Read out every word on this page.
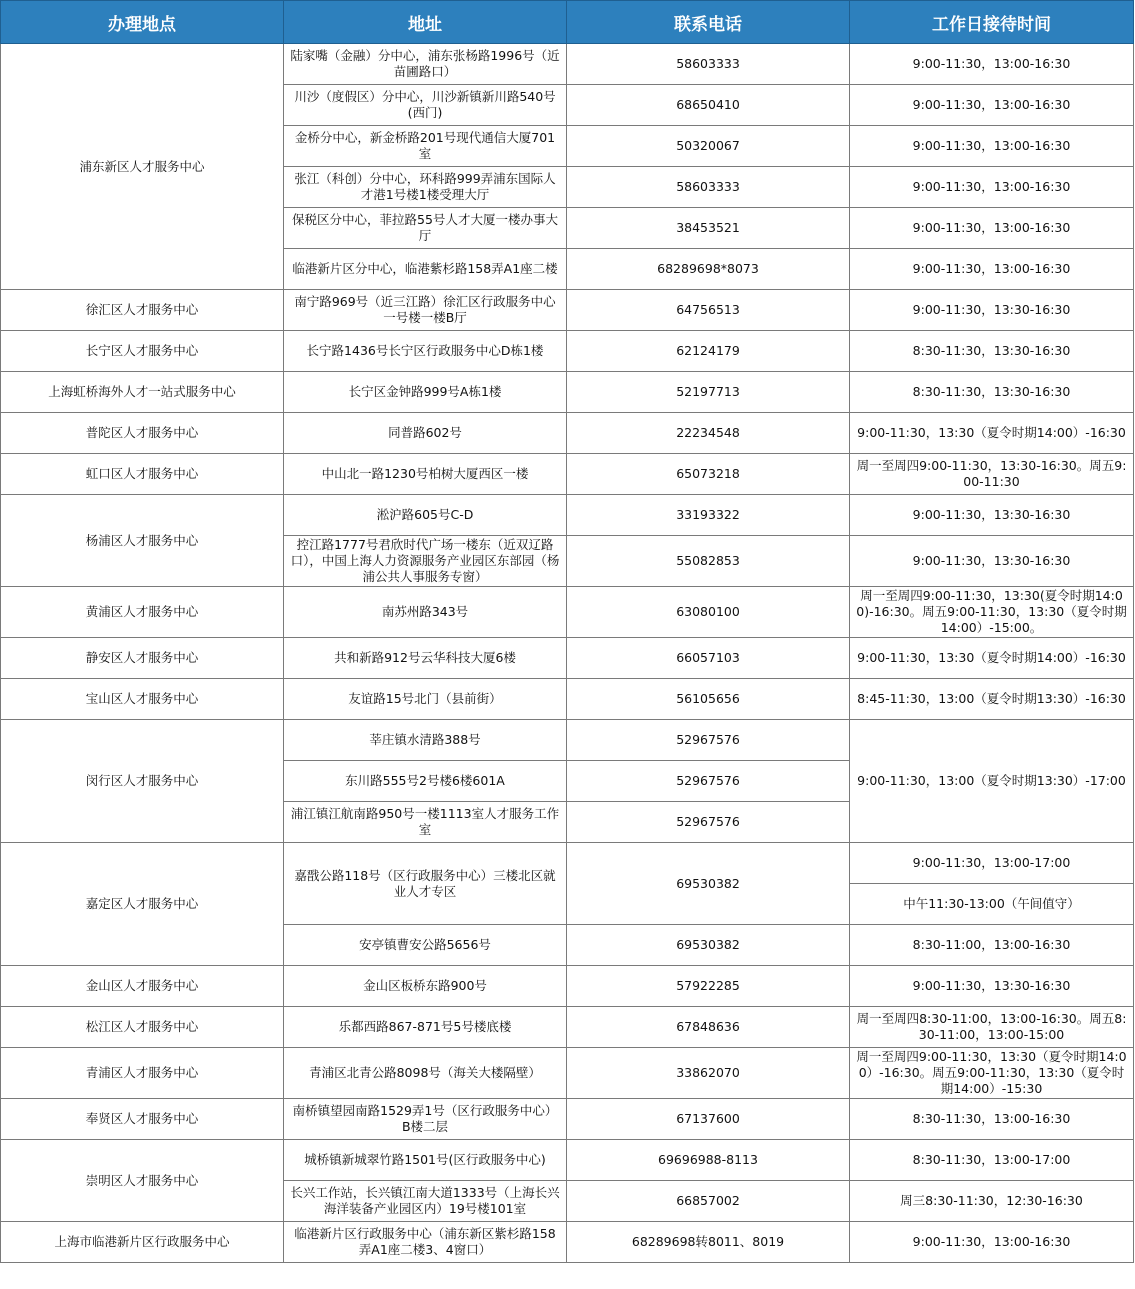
办理地点	地址	联系电话	工作日接待时间
浦东新区人才服务中心	陆家嘴（金融）分中心，浦东张杨路1996号（近苗圃路口）	58603333	9:00-11:30，13:00-16:30
	川沙（度假区）分中心，川沙新镇新川路540号(西门)	68650410	9:00-11:30，13:00-16:30
	金桥分中心，新金桥路201号现代通信大厦701室	50320067	9:00-11:30，13:00-16:30
	张江（科创）分中心，环科路999弄浦东国际人才港1号楼1楼受理大厅	58603333	9:00-11:30，13:00-16:30
	保税区分中心，菲拉路55号人才大厦一楼办事大厅	38453521	9:00-11:30，13:00-16:30
	临港新片区分中心，临港紫杉路158弄A1座二楼	68289698*8073	9:00-11:30，13:00-16:30
徐汇区人才服务中心	南宁路969号（近三江路）徐汇区行政服务中心一号楼一楼B厅	64756513	9:00-11:30，13:30-16:30
长宁区人才服务中心	长宁路1436号长宁区行政服务中心D栋1楼	62124179	8:30-11:30，13:30-16:30
上海虹桥海外人才一站式服务中心	长宁区金钟路999号A栋1楼	52197713	8:30-11:30，13:30-16:30
普陀区人才服务中心	同普路602号	22234548	9:00-11:30，13:30（夏令时期14:00）-16:30
虹口区人才服务中心	中山北一路1230号柏树大厦西区一楼	65073218	周一至周四9:00-11:30，13:30-16:30。周五9:00-11:30
杨浦区人才服务中心	淞沪路605号C-D	33193322	9:00-11:30，13:30-16:30
	控江路1777号君欣时代广场一楼东（近双辽路口），中国上海人力资源服务产业园区东部园（杨浦公共人事服务专窗）	55082853	9:00-11:30，13:30-16:30
黄浦区人才服务中心	南苏州路343号	63080100	周一至周四9:00-11:30，13:30(夏令时期14:00)-16:30。周五9:00-11:30，13:30（夏令时期14:00）-15:00。
静安区人才服务中心	共和新路912号云华科技大厦6楼	66057103	9:00-11:30，13:30（夏令时期14:00）-16:30
宝山区人才服务中心	友谊路15号北门（县前街）	56105656	8:45-11:30，13:00（夏令时期13:30）-16:30
闵行区人才服务中心	莘庄镇水清路388号	52967576	9:00-11:30，13:00（夏令时期13:30）-17:00
	东川路555号2号楼6楼601A	52967576	
	浦江镇江航南路950号一楼1113室人才服务工作室	52967576	
嘉定区人才服务中心	嘉戬公路118号（区行政服务中心）三楼北区就业人才专区	69530382	9:00-11:30，13:00-17:00
			中午11:30-13:00（午间值守）
	安亭镇曹安公路5656号	69530382	8:30-11:00，13:00-16:30
金山区人才服务中心	金山区板桥东路900号	57922285	9:00-11:30，13:30-16:30
松江区人才服务中心	乐都西路867-871号5号楼底楼	67848636	周一至周四8:30-11:00，13:00-16:30。周五8:30-11:00，13:00-15:00
青浦区人才服务中心	青浦区北青公路8098号（海关大楼隔壁）	33862070	周一至周四9:00-11:30，13:30（夏令时期14:00）-16:30。周五9:00-11:30，13:30（夏令时期14:00）-15:30
奉贤区人才服务中心	南桥镇望园南路1529弄1号（区行政服务中心）B楼二层	67137600	8:30-11:30，13:00-16:30
崇明区人才服务中心	城桥镇新城翠竹路1501号(区行政服务中心)	69696988-8113	8:30-11:30，13:00-17:00
	长兴工作站，长兴镇江南大道1333号（上海长兴海洋装备产业园区内）19号楼101室	66857002	周三8:30-11:30，12:30-16:30
上海市临港新片区行政服务中心	临港新片区行政服务中心（浦东新区紫杉路158弄A1座二楼3、4窗口）	68289698转8011、8019	9:00-11:30，13:00-16:30
